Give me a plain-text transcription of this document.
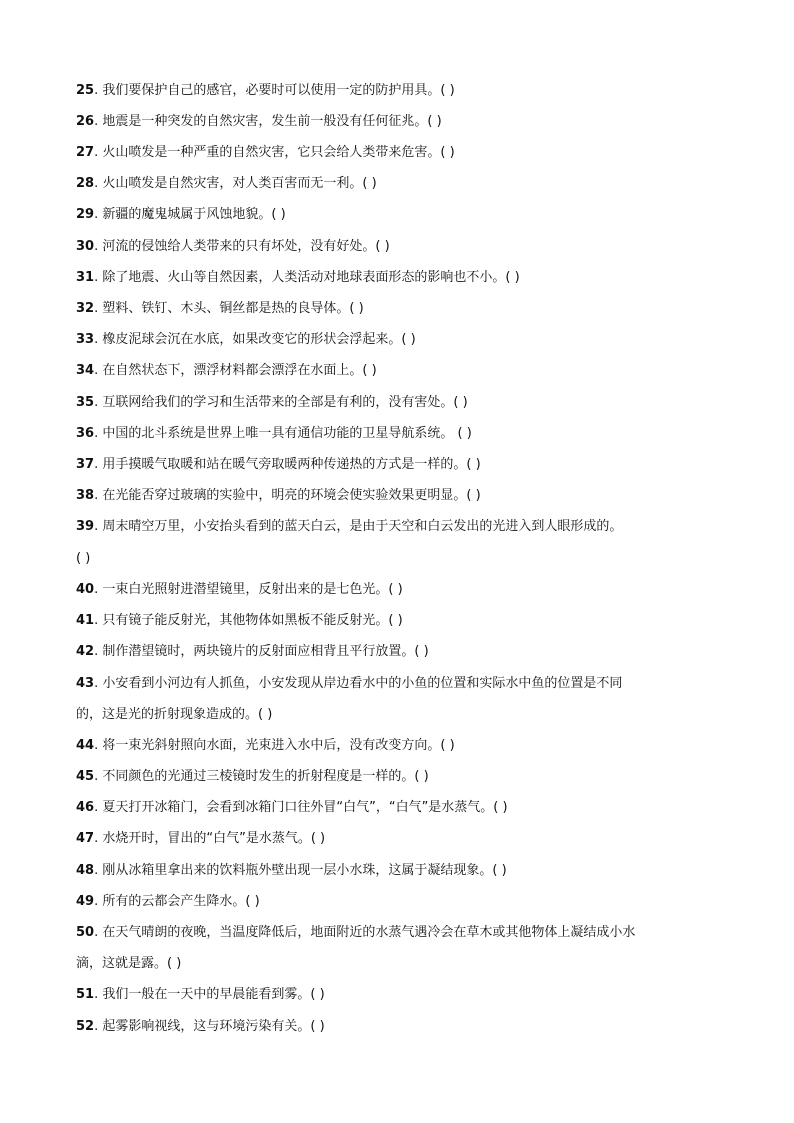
25. 我们要保护自己的感官，必要时可以使用一定的防护用具。( )
26. 地震是一种突发的自然灾害，发生前一般没有任何征兆。( )
27. 火山喷发是一种严重的自然灾害，它只会给人类带来危害。( )
28. 火山喷发是自然灾害，对人类百害而无一利。( )
29. 新疆的魔鬼城属于风蚀地貌。( )
30. 河流的侵蚀给人类带来的只有坏处，没有好处。( )
31. 除了地震、火山等自然因素，人类活动对地球表面形态的影响也不小。( )
32. 塑料、铁钉、木头、铜丝都是热的良导体。( )
33. 橡皮泥球会沉在水底，如果改变它的形状会浮起来。( )
34. 在自然状态下，漂浮材料都会漂浮在水面上。( )
35. 互联网给我们的学习和生活带来的全部是有利的，没有害处。( )
36. 中国的北斗系统是世界上唯一具有通信功能的卫星导航系统。 ( )
37. 用手摸暖气取暖和站在暖气旁取暖两种传递热的方式是一样的。( )
38. 在光能否穿过玻璃的实验中，明亮的环境会使实验效果更明显。( )
39. 周末晴空万里，小安抬头看到的蓝天白云，是由于天空和白云发出的光进入到人眼形成的。
( )
40. 一束白光照射进潜望镜里，反射出来的是七色光。( )
41. 只有镜子能反射光，其他物体如黑板不能反射光。( )
42. 制作潜望镜时，两块镜片的反射面应相背且平行放置。( )
43. 小安看到小河边有人抓鱼，小安发现从岸边看水中的小鱼的位置和实际水中鱼的位置是不同
的，这是光的折射现象造成的。( )
44. 将一束光斜射照向水面，光束进入水中后，没有改变方向。( )
45. 不同颜色的光通过三棱镜时发生的折射程度是一样的。( )
46. 夏天打开冰箱门，会看到冰箱门口往外冒“白气”，“白气”是水蒸气。( )
47. 水烧开时，冒出的“白气”是水蒸气。( )
48. 刚从冰箱里拿出来的饮料瓶外壁出现一层小水珠，这属于凝结现象。( )
49. 所有的云都会产生降水。( )
50. 在天气晴朗的夜晚，当温度降低后，地面附近的水蒸气遇冷会在草木或其他物体上凝结成小水
滴，这就是露。( )
51. 我们一般在一天中的早晨能看到雾。( )
52. 起雾影响视线，这与环境污染有关。( )
